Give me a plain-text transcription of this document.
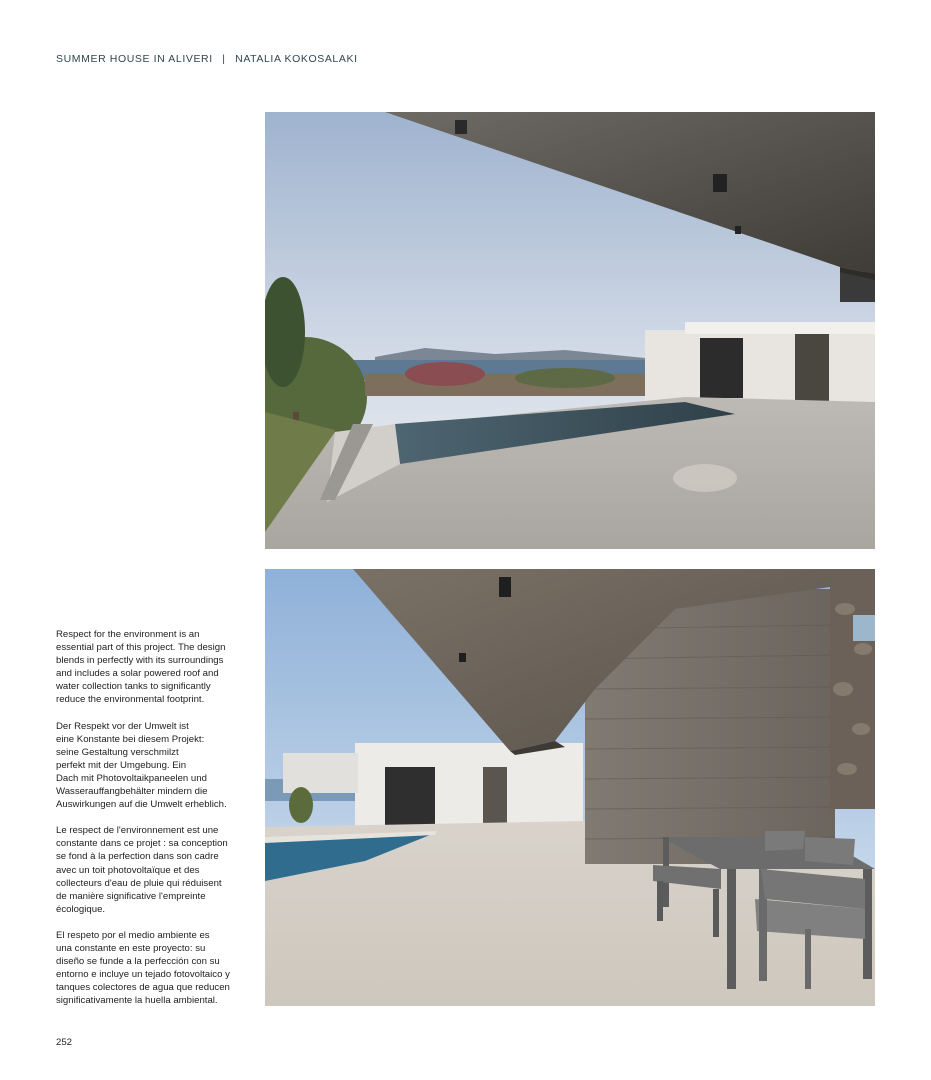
SUMMER HOUSE IN ALIVERI | NATALIA KOKOSALAKI

Respect for the environment is an
essential part of this project. The design
blends in perfectly with its surroundings
and includes a solar powered roof and
water collection tanks to significantly
reduce the environmental footprint.

Der Respekt vor der Umwelt ist
eine Konstante bei diesem Projekt:
seine Gestaltung verschmilzt
perfekt mit der Umgebung. Ein
Dach mit Photovoltaikpaneelen und
Wasserauffangbehälter mindern die
Auswirkungen auf die Umwelt erheblich.

Le respect de l'environnement est une
constante dans ce projet : sa conception
se fond à la perfection dans son cadre
avec un toit photovoltaïque et des
collecteurs d'eau de pluie qui réduisent
de manière significative l'empreinte
écologique.

El respeto por el medio ambiente es
una constante en este proyecto: su
diseño se funde a la perfección con su
entorno e incluye un tejado fotovoltaico y
tanques colectores de agua que reducen
significativamente la huella ambiental.

252
